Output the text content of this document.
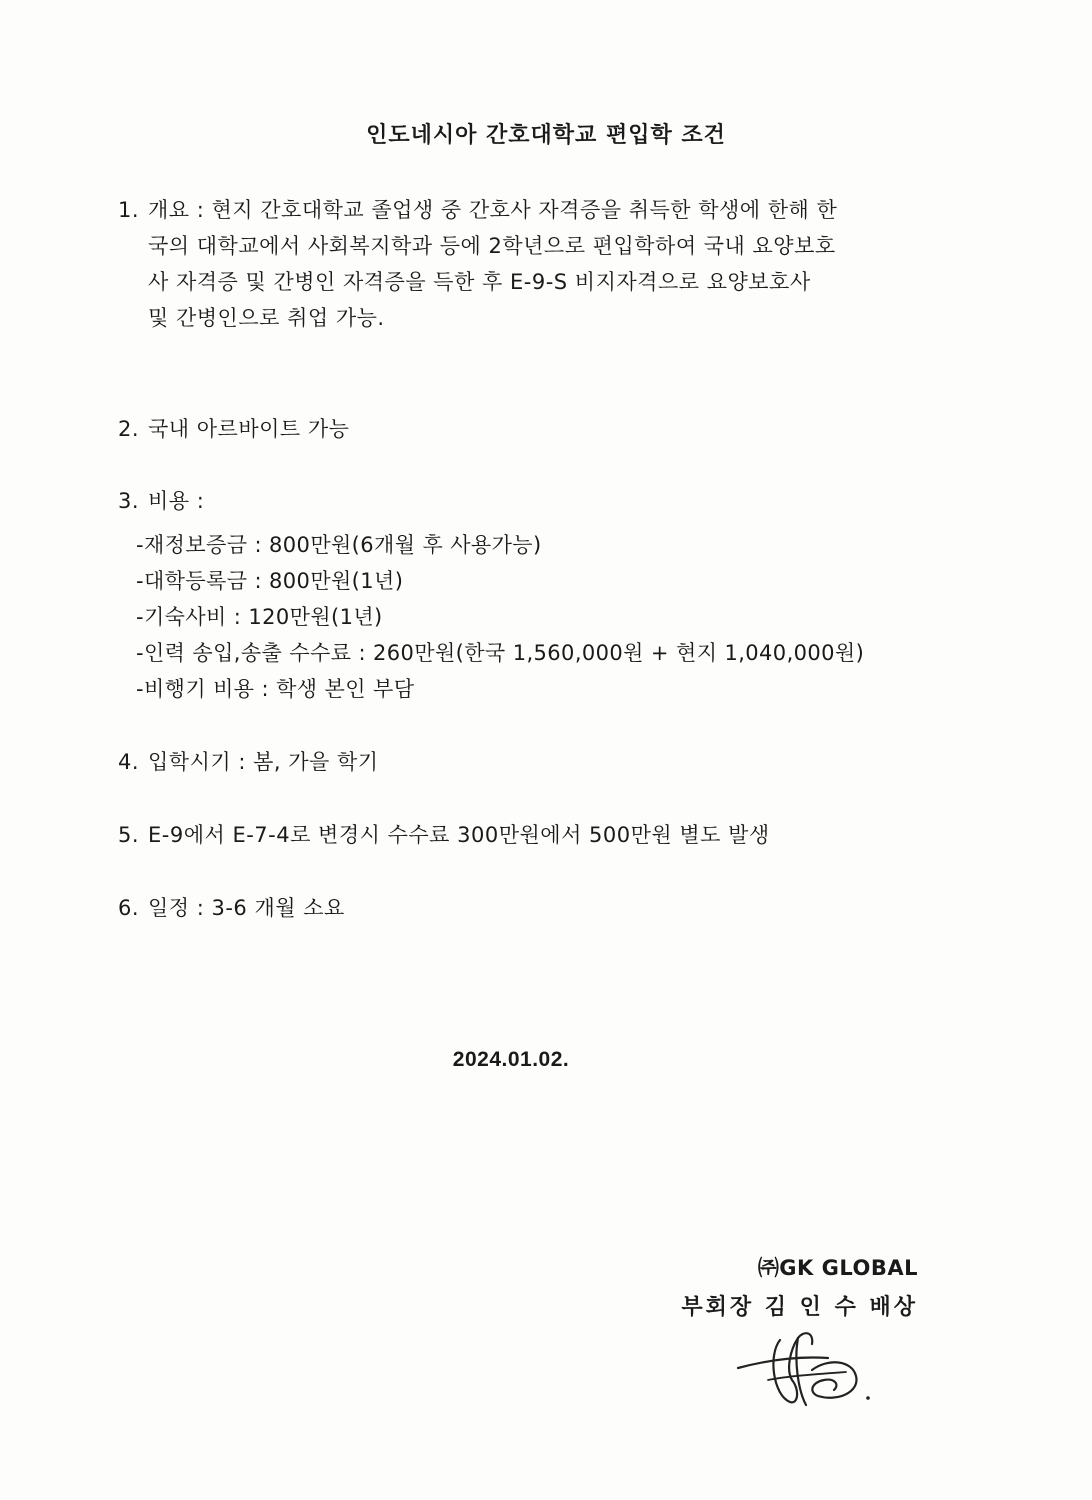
인도네시아 간호대학교 편입학 조건
1. 개요 : 현지 간호대학교 졸업생 중 간호사 자격증을 취득한 학생에 한해 한
국의 대학교에서 사회복지학과 등에 2학년으로 편입학하여 국내 요양보호
사 자격증 및 간병인 자격증을 득한 후 E-9-S 비지자격으로 요양보호사
및 간병인으로 취업 가능.
2. 국내 아르바이트 가능
3. 비용 :
-재정보증금 : 800만원(6개월 후 사용가능)
-대학등록금 : 800만원(1년)
-기숙사비 : 120만원(1년)
-인력 송입,송출 수수료 : 260만원(한국 1,560,000원 + 현지 1,040,000원)
-비행기 비용 : 학생 본인 부담
4. 입학시기 : 봄, 가을 학기
5. E-9에서 E-7-4로 변경시 수수료 300만원에서 500만원 별도 발생
6. 일정 : 3-6 개월 소요
2024.01.02.
㈜GK GLOBAL
부회장 김 인 수 배상
